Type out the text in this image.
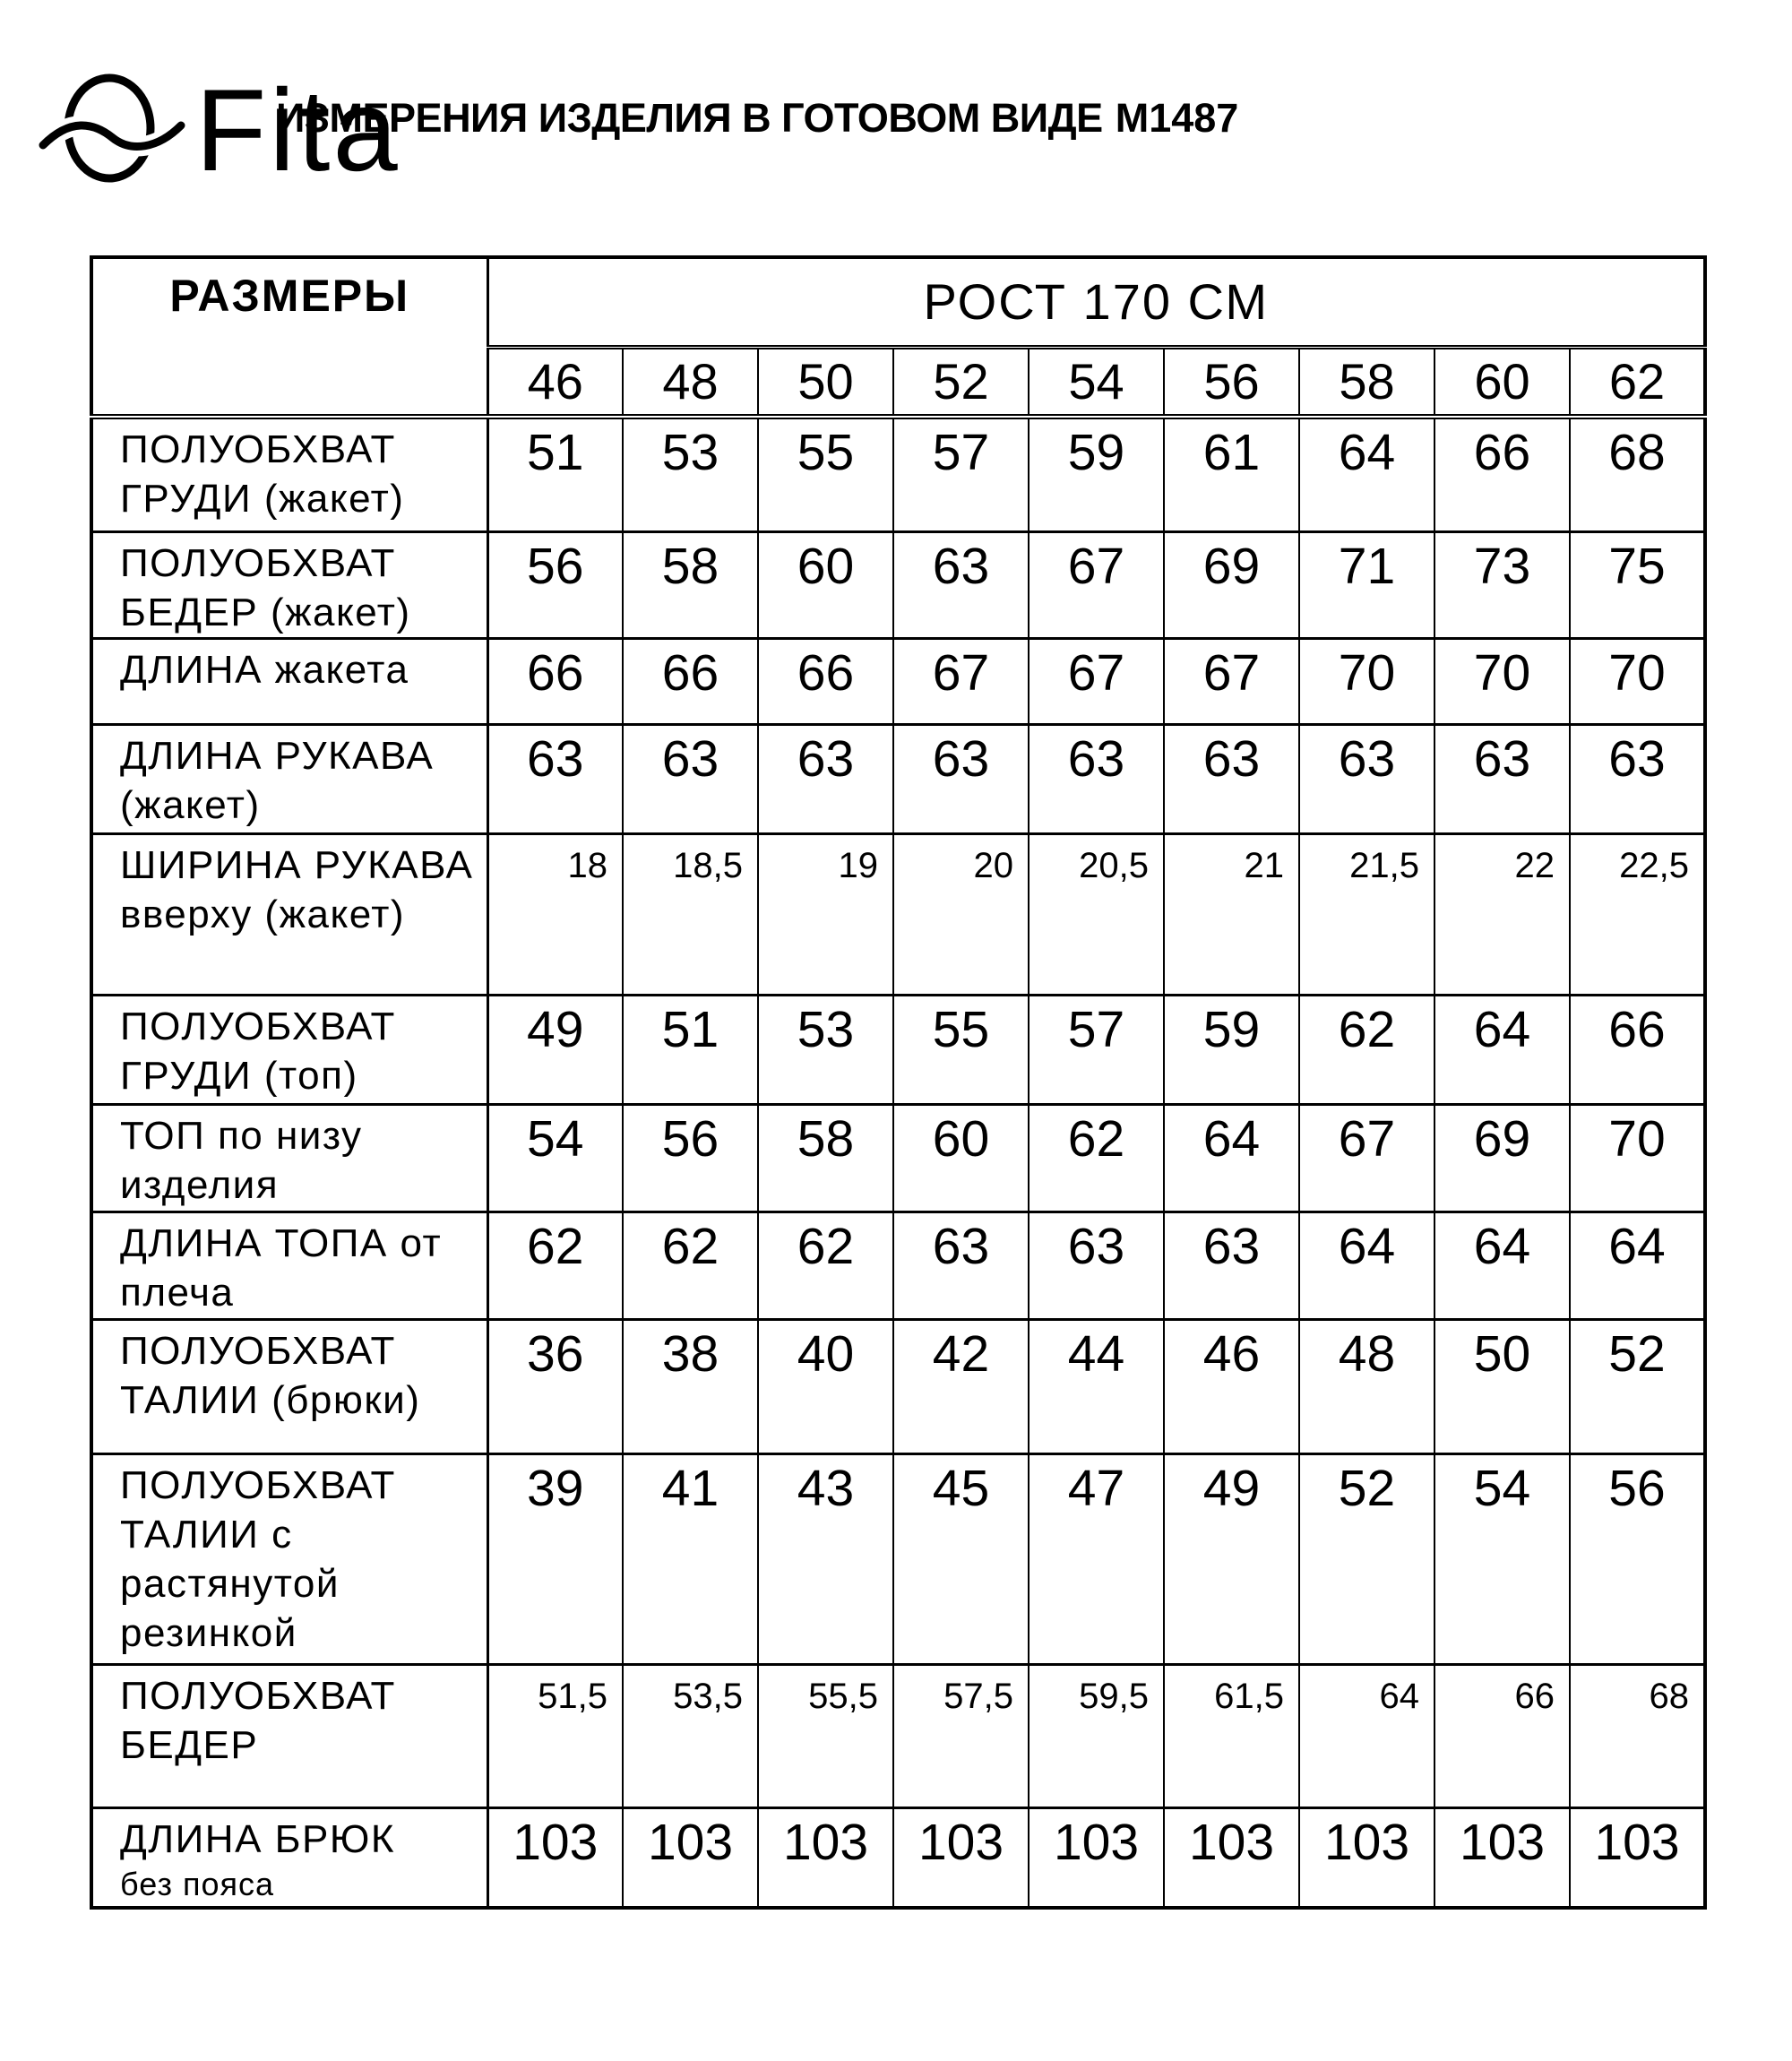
Fita
ИЗМЕРЕНИЯ ИЗДЕЛИЯ В ГОТОВОМ ВИДЕ М1487
РАЗМЕРЫ	РОСТ 170 СМ								
	46	48	50	52	54	56	58	60	62
ПОЛУОБХВАТ ГРУДИ (жакет)	51	53	55	57	59	61	64	66	68
ПОЛУОБХВАТ БЕДЕР (жакет)	56	58	60	63	67	69	71	73	75
ДЛИНА жакета	66	66	66	67	67	67	70	70	70
ДЛИНА РУКАВА (жакет)	63	63	63	63	63	63	63	63	63
ШИРИНА РУКАВА вверху (жакет)	18	18,5	19	20	20,5	21	21,5	22	22,5
ПОЛУОБХВАТ ГРУДИ (топ)	49	51	53	55	57	59	62	64	66
ТОП по низу изделия	54	56	58	60	62	64	67	69	70
ДЛИНА ТОПА от плеча	62	62	62	63	63	63	64	64	64
ПОЛУОБХВАТ ТАЛИИ (брюки)	36	38	40	42	44	46	48	50	52
ПОЛУОБХВАТ ТАЛИИ с растянутой резинкой	39	41	43	45	47	49	52	54	56
ПОЛУОБХВАТ БЕДЕР	51,5	53,5	55,5	57,5	59,5	61,5	64	66	68
ДЛИНА БРЮК
без пояса	103	103	103	103	103	103	103	103	103
